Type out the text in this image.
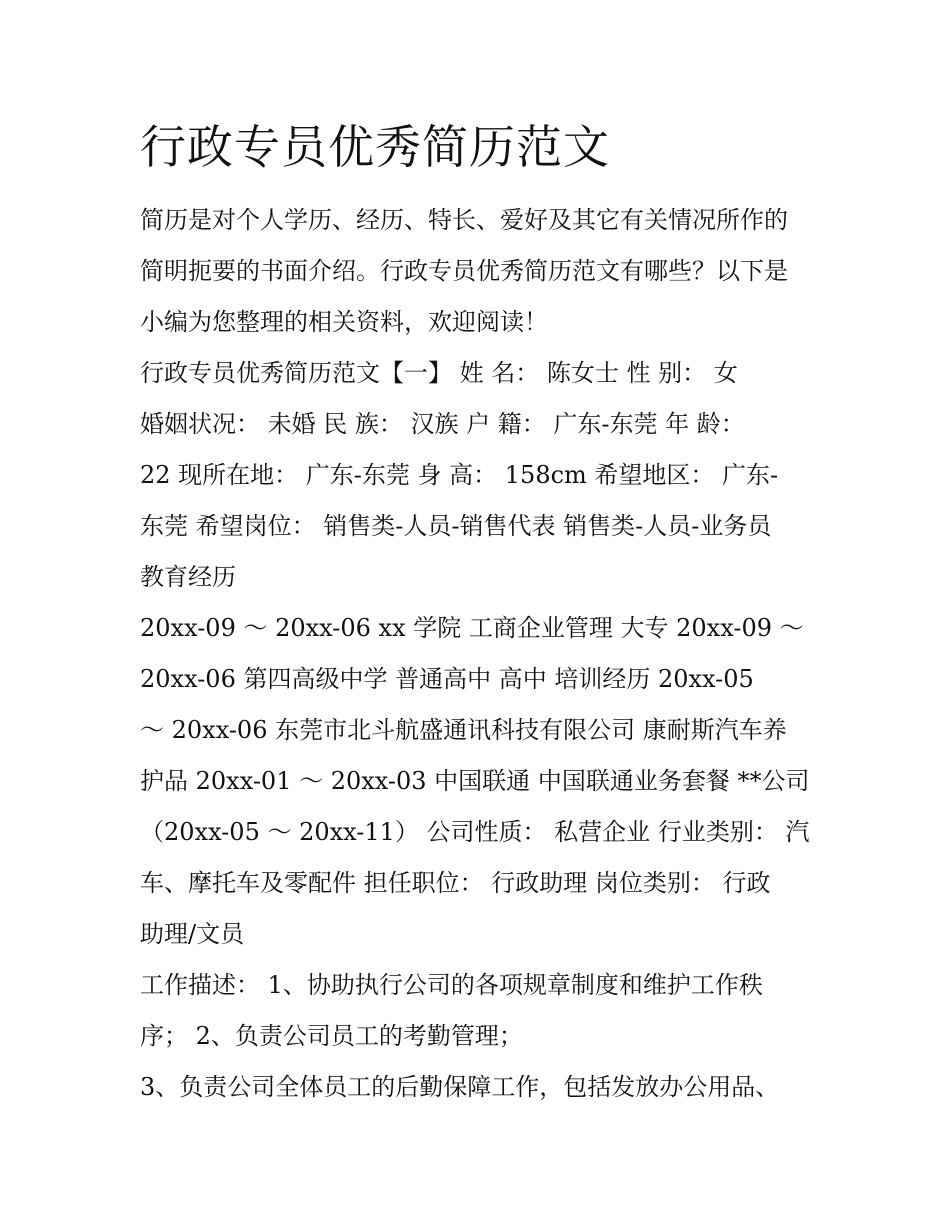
行政专员优秀简历范文

简历是对个人学历、经历、特长、爱好及其它有关情况所作的

简明扼要的书面介绍。行政专员优秀简历范文有哪些？以下是

小编为您整理的相关资料，欢迎阅读！

行政专员优秀简历范文【一】 姓 名： 陈女士 性 别： 女

婚姻状况： 未婚 民 族： 汉族 户 籍： 广东-东莞 年 龄：

22 现所在地： 广东-东莞 身 高： 158cm 希望地区： 广东-

东莞 希望岗位： 销售类-人员-销售代表 销售类-人员-业务员

教育经历

20xx-09 ～ 20xx-06 xx 学院 工商企业管理 大专 20xx-09 ～

20xx-06 第四高级中学 普通高中 高中 培训经历 20xx-05

～ 20xx-06 东莞市北斗航盛通讯科技有限公司 康耐斯汽车养

护品 20xx-01 ～ 20xx-03 中国联通 中国联通业务套餐 **公司

（20xx-05 ～ 20xx-11） 公司性质： 私营企业 行业类别： 汽

车、摩托车及零配件 担任职位： 行政助理 岗位类别： 行政

助理/文员

工作描述： 1、协助执行公司的各项规章制度和维护工作秩

序； 2、负责公司员工的考勤管理；

3、负责公司全体员工的后勤保障工作，包括发放办公用品、
